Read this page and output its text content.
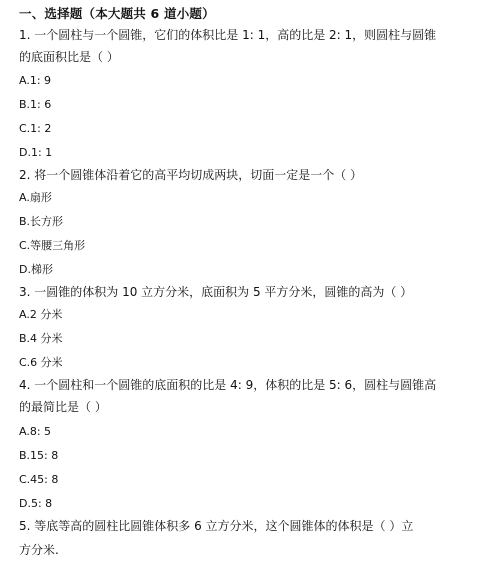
一、选择题（本大题共 6 道小题）
1. 一个圆柱与一个圆锥，它们的体积比是 1: 1，高的比是 2: 1，则圆柱与圆锥
的底面积比是（ ）
A.1: 9
B.1: 6
C.1: 2
D.1: 1
2. 将一个圆锥体沿着它的高平均切成两块，切面一定是一个（ ）
A.扇形
B.长方形
C.等腰三角形
D.梯形
3. 一圆锥的体积为 10 立方分米，底面积为 5 平方分米，圆锥的高为（ ）
A.2 分米
B.4 分米
C.6 分米
4. 一个圆柱和一个圆锥的底面积的比是 4: 9，体积的比是 5: 6，圆柱与圆锥高
的最简比是（ ）
A.8: 5
B.15: 8
C.45: 8
D.5: 8
5. 等底等高的圆柱比圆锥体积多 6 立方分米，这个圆锥体的体积是（ ）立
方分米.
